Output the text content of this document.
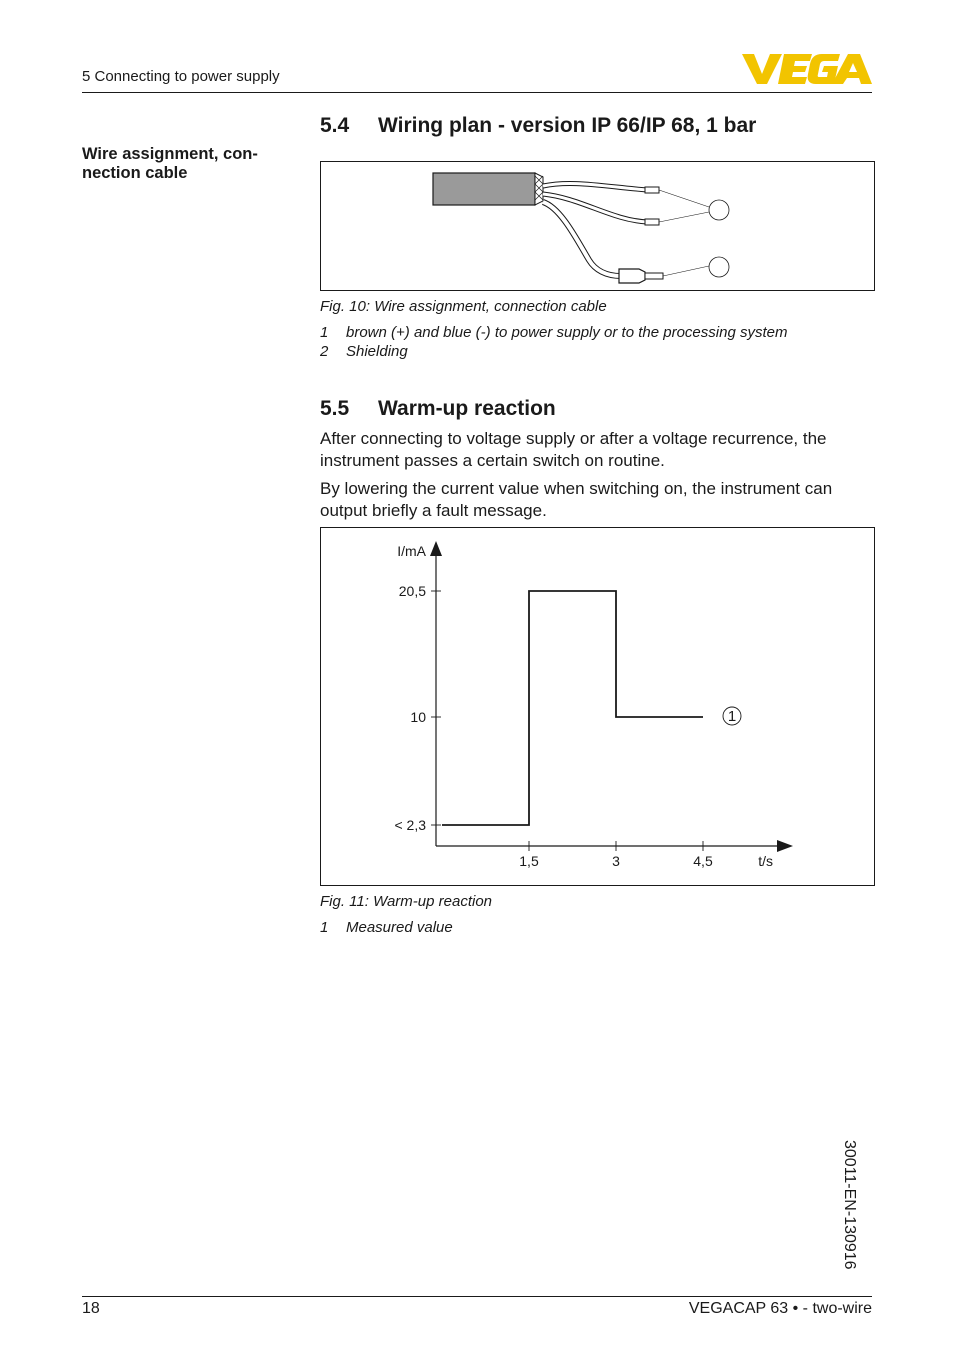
5 Connecting to power supply
Wire assignment, con-
nection cable
5.4 Wiring plan - version IP 66/IP 68, 1 bar
Fig. 10: Wire assignment, connection cable
1 brown (+) and blue (-) to power supply or to the processing system
2 Shielding
5.5 Warm-up reaction

After connecting to voltage supply or after a voltage recurrence, the instrument passes a certain switch on routine.

By lowering the current value when switching on, the instrument can output briefly a fault message.

I/mA
t/s
< 2,3
10
20,5
1,5	3	4,5
1
Fig. 11: Warm-up reaction
1 Measured value
30011-EN-130916
18	VEGACAP 63 • - two-wire
